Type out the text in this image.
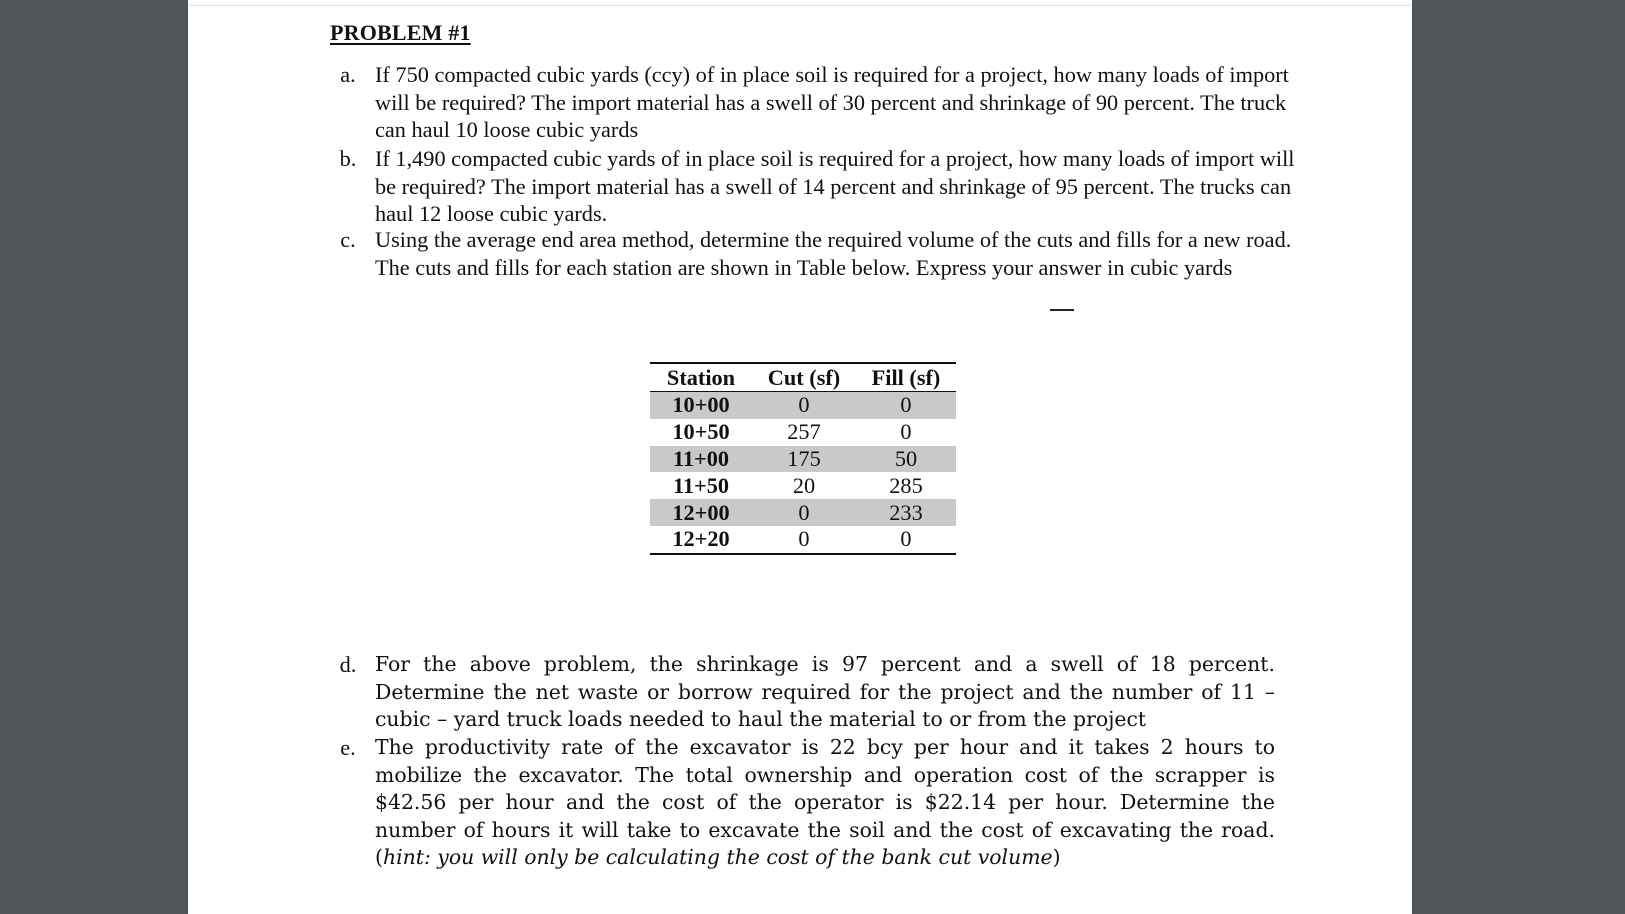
PROBLEM #1
a. If 750 compacted cubic yards (ccy) of in place soil is required for a project, how many loads of import will be required? The import material has a swell of 30 percent and shrinkage of 90 percent. The truck can haul 10 loose cubic yards
b. If 1,490 compacted cubic yards of in place soil is required for a project, how many loads of import will be required? The import material has a swell of 14 percent and shrinkage of 95 percent. The trucks can haul 12 loose cubic yards.
c. Using the average end area method, determine the required volume of the cuts and fills for a new road. The cuts and fills for each station are shown in Table below. Express your answer in cubic yards
Station	Cut (sf)	Fill (sf)
10+00	0	0
10+50	257	0
11+00	175	50
11+50	20	285
12+00	0	233
12+20	0	0
d. For the above problem, the shrinkage is 97 percent and a swell of 18 percent. Determine the net waste or borrow required for the project and the number of 11 – cubic – yard truck loads needed to haul the material to or from the project
e. The productivity rate of the excavator is 22 bcy per hour and it takes 2 hours to mobilize the excavator. The total ownership and operation cost of the scrapper is $42.56 per hour and the cost of the operator is $22.14 per hour. Determine the number of hours it will take to excavate the soil and the cost of excavating the road. (hint: you will only be calculating the cost of the bank cut volume)
